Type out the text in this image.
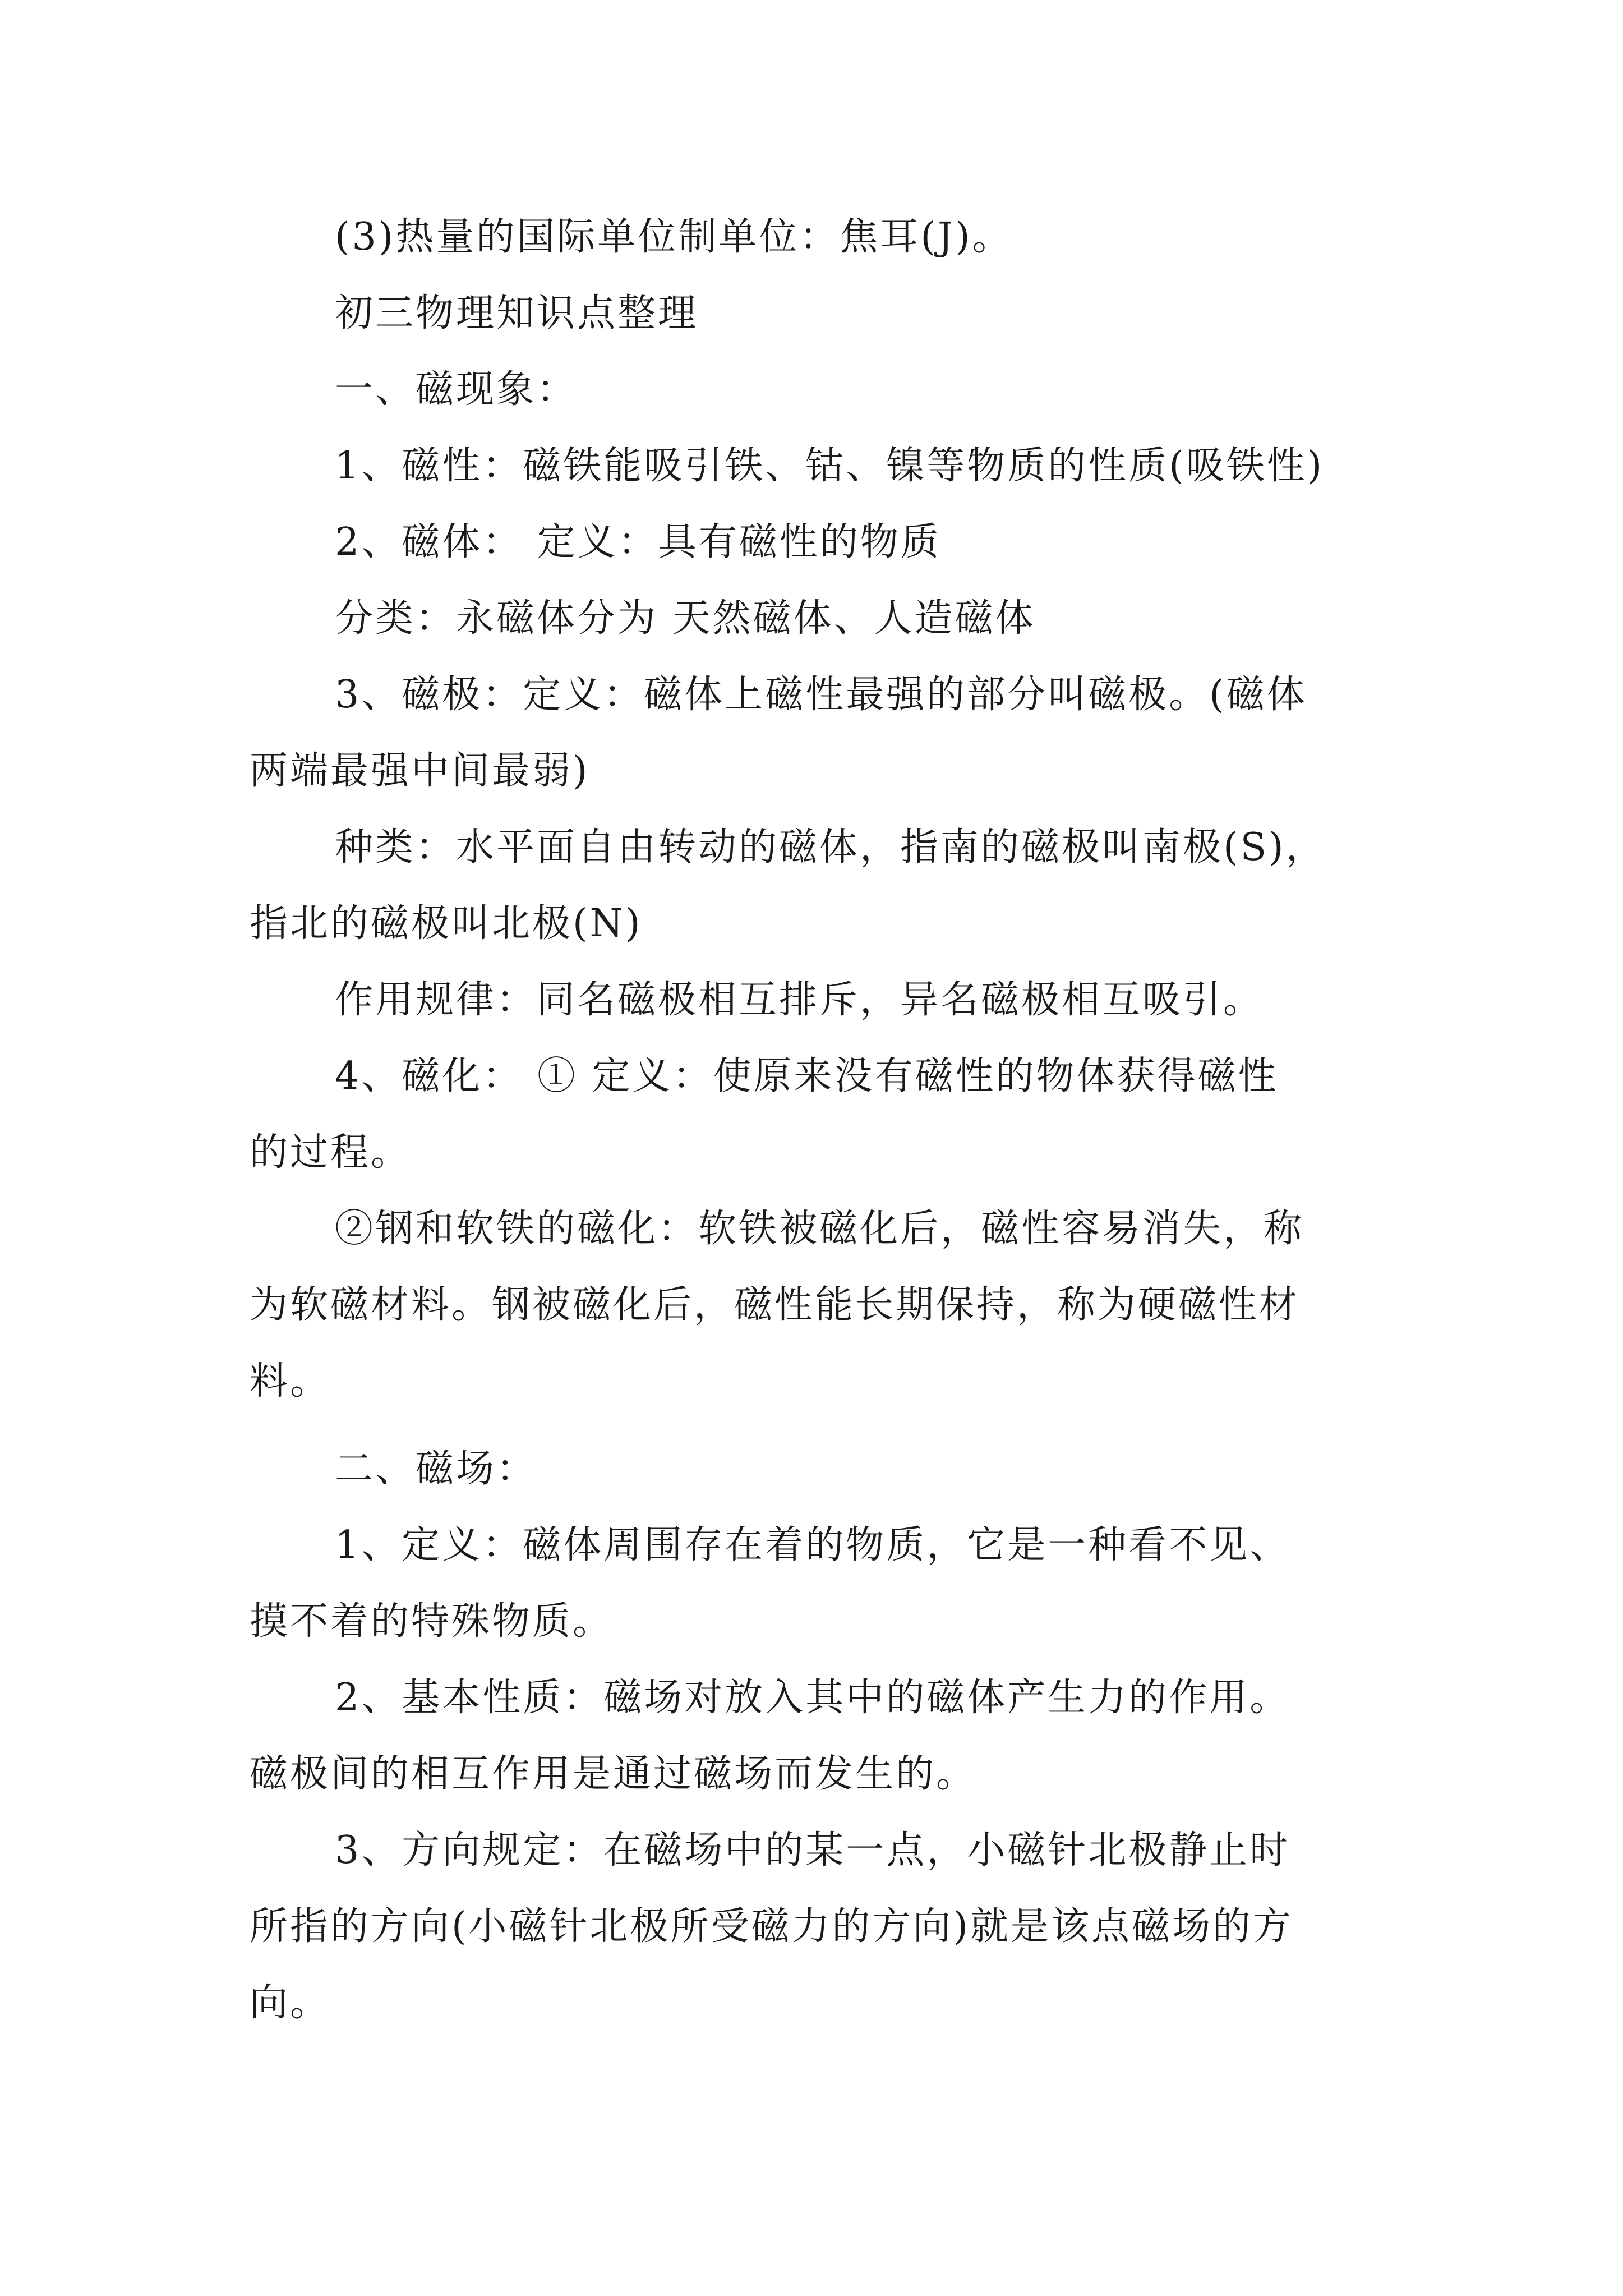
(3)热量的国际单位制单位：焦耳(J)。
初三物理知识点整理
一、磁现象：
1、磁性：磁铁能吸引铁、钴、镍等物质的性质(吸铁性)
2、磁体： 定义：具有磁性的物质
分类：永磁体分为 天然磁体、人造磁体
3、磁极：定义：磁体上磁性最强的部分叫磁极。(磁体
两端最强中间最弱)
种类：水平面自由转动的磁体，指南的磁极叫南极(S)，
指北的磁极叫北极(N)
作用规律：同名磁极相互排斥，异名磁极相互吸引。
4、磁化： ① 定义：使原来没有磁性的物体获得磁性
的过程。
②钢和软铁的磁化：软铁被磁化后，磁性容易消失，称
为软磁材料。钢被磁化后，磁性能长期保持，称为硬磁性材
料。
二、磁场：
1、定义：磁体周围存在着的物质，它是一种看不见、
摸不着的特殊物质。
2、基本性质：磁场对放入其中的磁体产生力的作用。
磁极间的相互作用是通过磁场而发生的。
3、方向规定：在磁场中的某一点，小磁针北极静止时
所指的方向(小磁针北极所受磁力的方向)就是该点磁场的方
向。
